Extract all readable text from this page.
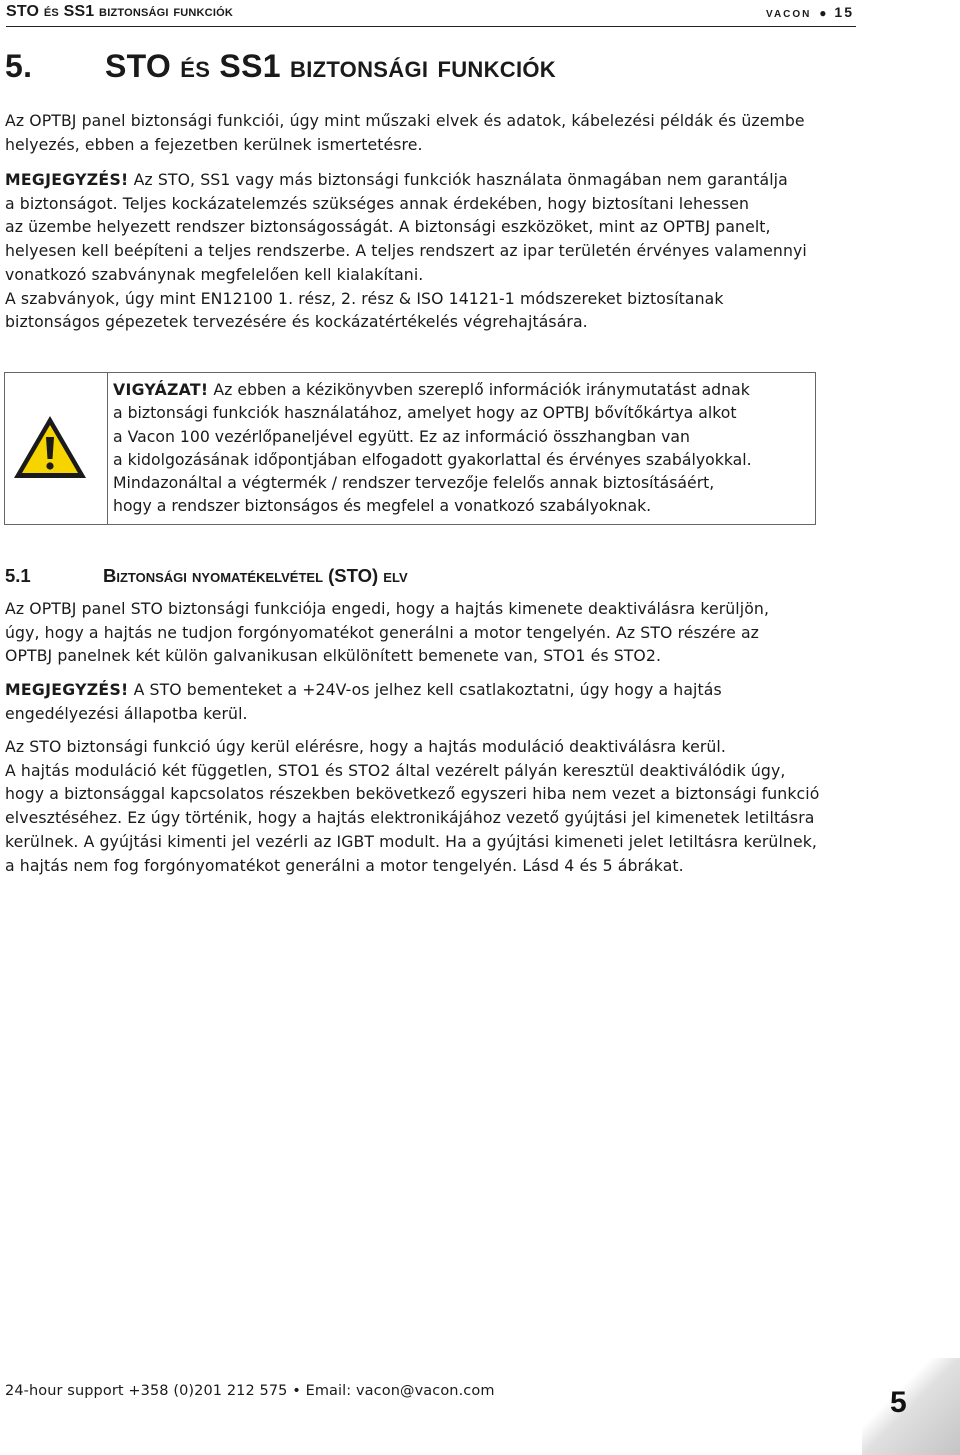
STO és SS1 biztonsági funkciók	vacon ● 15
5. STO és SS1 biztonsági funkciók

Az OPTBJ panel biztonsági funkciói, úgy mint műszaki elvek és adatok, kábelezési példák és üzembe helyezés, ebben a fejezetben kerülnek ismertetésre.

MEGJEGYZÉS! Az STO, SS1 vagy más biztonsági funkciók használata önmagában nem garantálja
a biztonságot. Teljes kockázatelemzés szükséges annak érdekében, hogy biztosítani lehessen
az üzembe helyezett rendszer biztonságosságát. A biztonsági eszközöket, mint az OPTBJ panelt,
helyesen kell beépíteni a teljes rendszerbe. A teljes rendszert az ipar területén érvényes valamennyi
vonatkozó szabványnak megfelelően kell kialakítani.
A szabványok, úgy mint EN12100 1. rész, 2. rész & ISO 14121-1 módszereket biztosítanak
biztonságos gépezetek tervezésére és kockázatértékelés végrehajtására.
VIGYÁZAT! Az ebben a kézikönyvben szereplő információk iránymutatást adnak
a biztonsági funkciók használatához, amelyet hogy az OPTBJ bővítőkártya alkot
a Vacon 100 vezérlőpaneljével együtt. Ez az információ összhangban van
a kidolgozásának időpontjában elfogadott gyakorlattal és érvényes szabályokkal.
Mindazonáltal a végtermék / rendszer tervezője felelős annak biztosításáért,
hogy a rendszer biztonságos és megfelel a vonatkozó szabályoknak.
5.1	Biztonsági nyomatékelvétel (STO) elv
Az OPTBJ panel STO biztonsági funkciója engedi, hogy a hajtás kimenete deaktiválásra kerüljön,
úgy, hogy a hajtás ne tudjon forgónyomatékot generálni a motor tengelyén. Az STO részére az
OPTBJ panelnek két külön galvanikusan elkülönített bemenete van, STO1 és STO2.
MEGJEGYZÉS! A STO bementeket a +24V-os jelhez kell csatlakoztatni, úgy hogy a hajtás
engedélyezési állapotba kerül.
Az STO biztonsági funkció úgy kerül elérésre, hogy a hajtás moduláció deaktiválásra kerül.
A hajtás moduláció két független, STO1 és STO2 által vezérelt pályán keresztül deaktiválódik úgy,
hogy a biztonsággal kapcsolatos részekben bekövetkező egyszeri hiba nem vezet a biztonsági funkció
elvesztéséhez. Ez úgy történik, hogy a hajtás elektronikájához vezető gyújtási jel kimenetek letiltásra
kerülnek. A gyújtási kimenti jel vezérli az IGBT modult. Ha a gyújtási kimeneti jelet letiltásra kerülnek,
a hajtás nem fog forgónyomatékot generálni a motor tengelyén. Lásd 4 és 5 ábrákat.
24-hour support +358 (0)201 212 575 • Email: vacon@vacon.com	5
